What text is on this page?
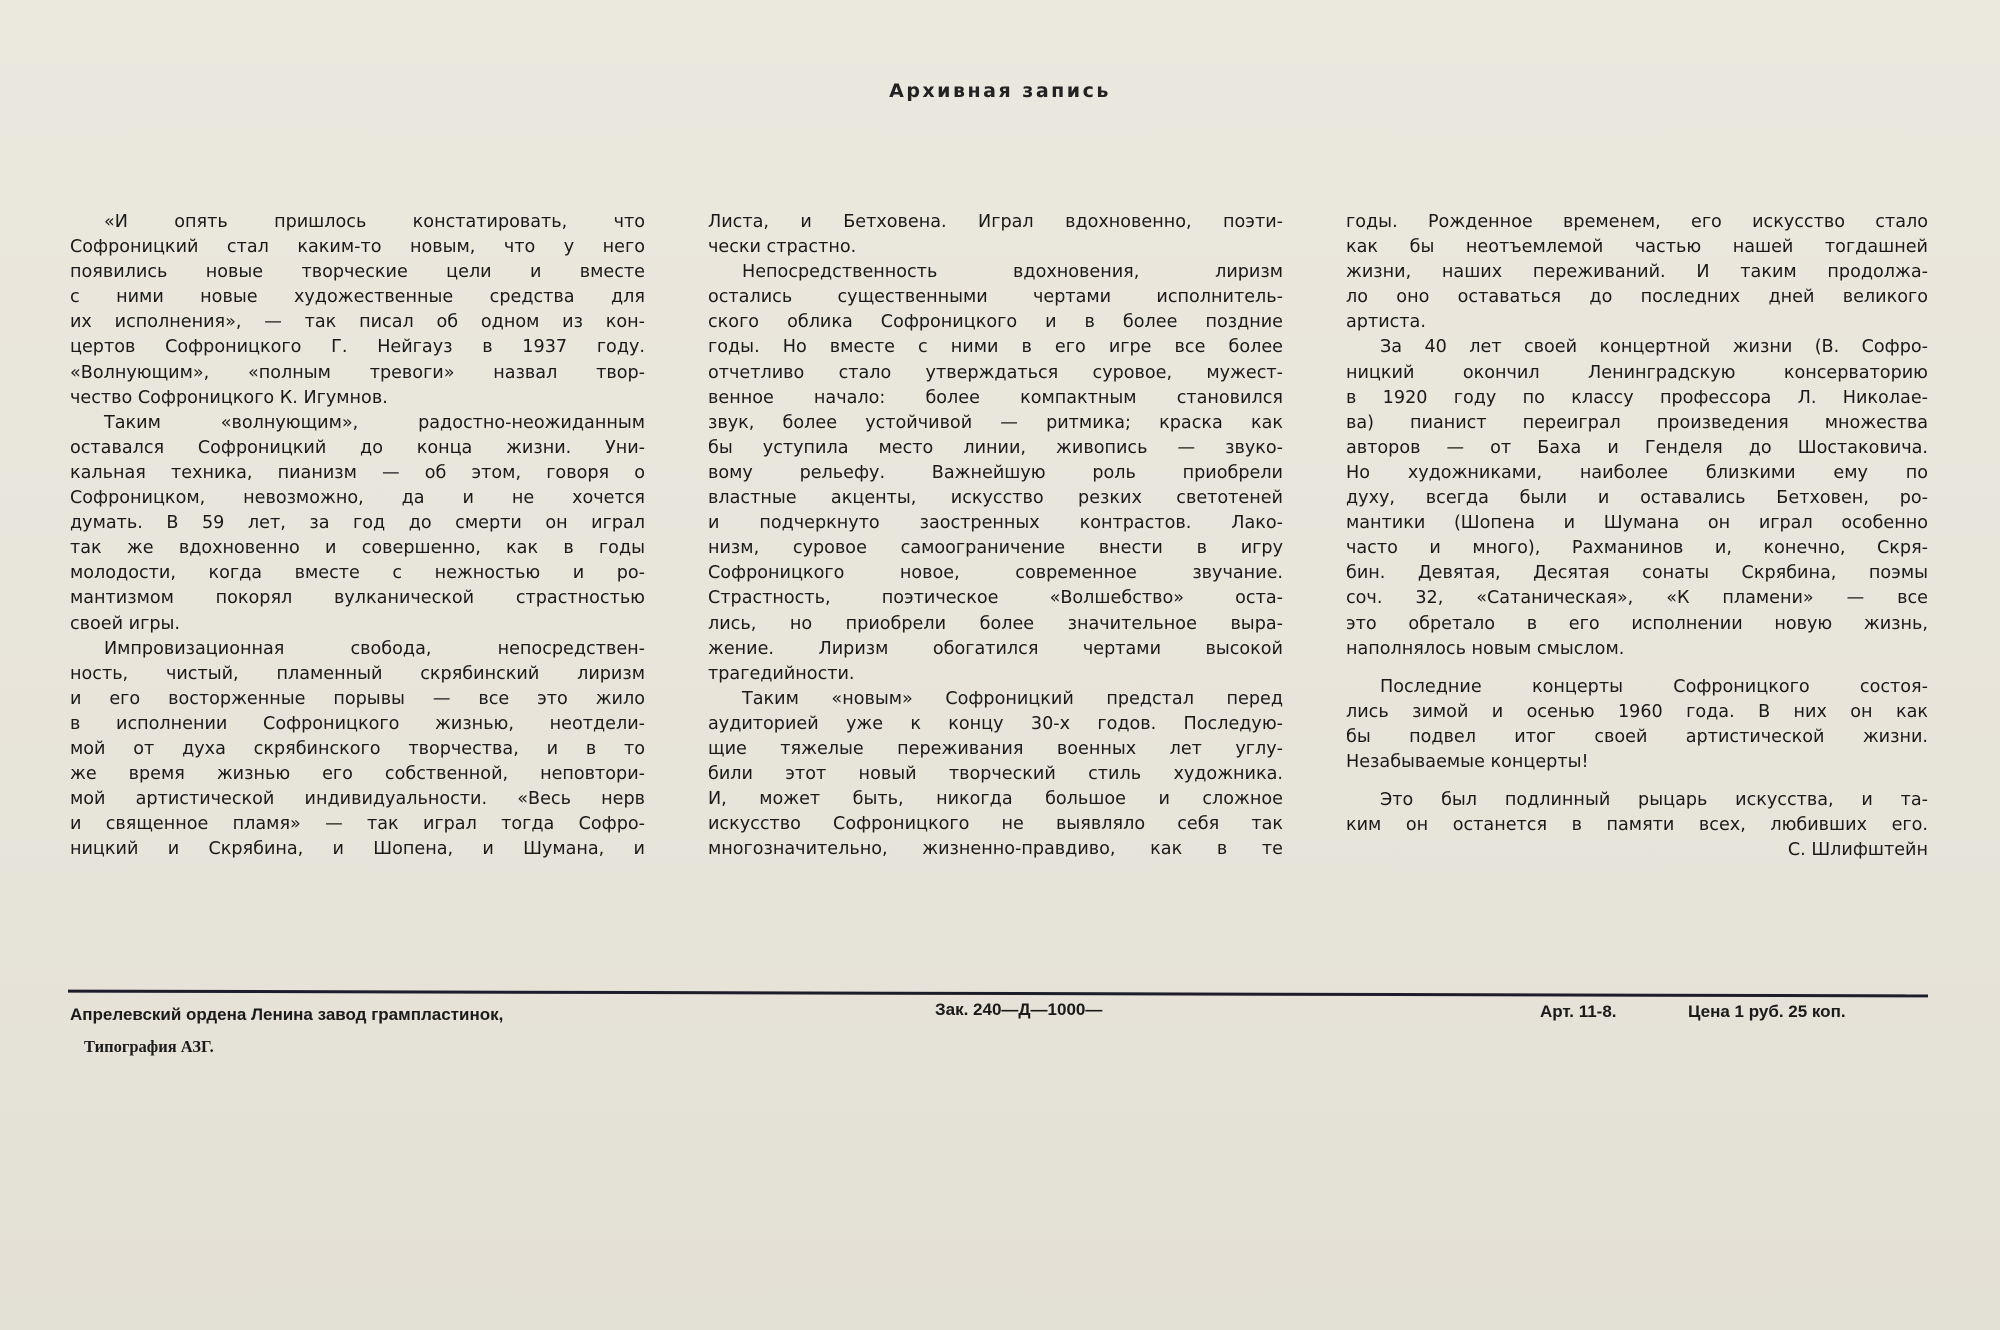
Архивная запись
«И опять пришлось констатировать, что
Софроницкий стал каким-то новым, что у него
появились новые творческие цели и вместе
с ними новые художественные средства для
их исполнения», — так писал об одном из кон-
цертов Софроницкого Г. Нейгауз в 1937 году.
«Волнующим», «полным тревоги» назвал твор-
чество Софроницкого К. Игумнов.
Таким «волнующим», радостно-неожиданным
оставался Софроницкий до конца жизни. Уни-
кальная техника, пианизм — об этом, говоря о
Софроницком, невозможно, да и не хочется
думать. В 59 лет, за год до смерти он играл
так же вдохновенно и совершенно, как в годы
молодости, когда вместе с нежностью и ро-
мантизмом покорял вулканической страстностью
своей игры.
Импровизационная свобода, непосредствен-
ность, чистый, пламенный скрябинский лиризм
и его восторженные порывы — все это жило
в исполнении Софроницкого жизнью, неотдели-
мой от духа скрябинского творчества, и в то
же время жизнью его собственной, неповтори-
мой артистической индивидуальности. «Весь нерв
и священное пламя» — так играл тогда Софро-
ницкий и Скрябина, и Шопена, и Шумана, и
Листа, и Бетховена. Играл вдохновенно, поэти-
чески страстно.
Непосредственность вдохновения, лиризм
остались существенными чертами исполнитель-
ского облика Софроницкого и в более поздние
годы. Но вместе с ними в его игре все более
отчетливо стало утверждаться суровое, мужест-
венное начало: более компактным становился
звук, более устойчивой — ритмика; краска как
бы уступила место линии, живопись — звуко-
вому рельефу. Важнейшую роль приобрели
властные акценты, искусство резких светотеней
и подчеркнуто заостренных контрастов. Лако-
низм, суровое самоограничение внести в игру
Софроницкого новое, современное звучание.
Страстность, поэтическое «Волшебство» оста-
лись, но приобрели более значительное выра-
жение. Лиризм обогатился чертами высокой
трагедийности.
Таким «новым» Софроницкий предстал перед
аудиторией уже к концу 30-х годов. Последую-
щие тяжелые переживания военных лет углу-
били этот новый творческий стиль художника.
И, может быть, никогда большое и сложное
искусство Софроницкого не выявляло себя так
многозначительно, жизненно-правдиво, как в те
годы. Рожденное временем, его искусство стало
как бы неотъемлемой частью нашей тогдашней
жизни, наших переживаний. И таким продолжа-
ло оно оставаться до последних дней великого
артиста.
За 40 лет своей концертной жизни (В. Софро-
ницкий окончил Ленинградскую консерваторию
в 1920 году по классу профессора Л. Николае-
ва) пианист переиграл произведения множества
авторов — от Баха и Генделя до Шостаковича.
Но художниками, наиболее близкими ему по
духу, всегда были и оставались Бетховен, ро-
мантики (Шопена и Шумана он играл особенно
часто и много), Рахманинов и, конечно, Скря-
бин. Девятая, Десятая сонаты Скрябина, поэмы
соч. 32, «Сатаническая», «К пламени» — все
это обретало в его исполнении новую жизнь,
наполнялось новым смыслом.
Последние концерты Софроницкого состоя-
лись зимой и осенью 1960 года. В них он как
бы подвел итог своей артистической жизни.
Незабываемые концерты!
Это был подлинный рыцарь искусства, и та-
ким он останется в памяти всех, любивших его.
С. Шлифштейн
Апрелевский ордена Ленина завод грампластинок,
Типография АЗГ.
Зак. 240—Д—1000—	Арт. 11-8.	Цена 1 руб. 25 коп.
